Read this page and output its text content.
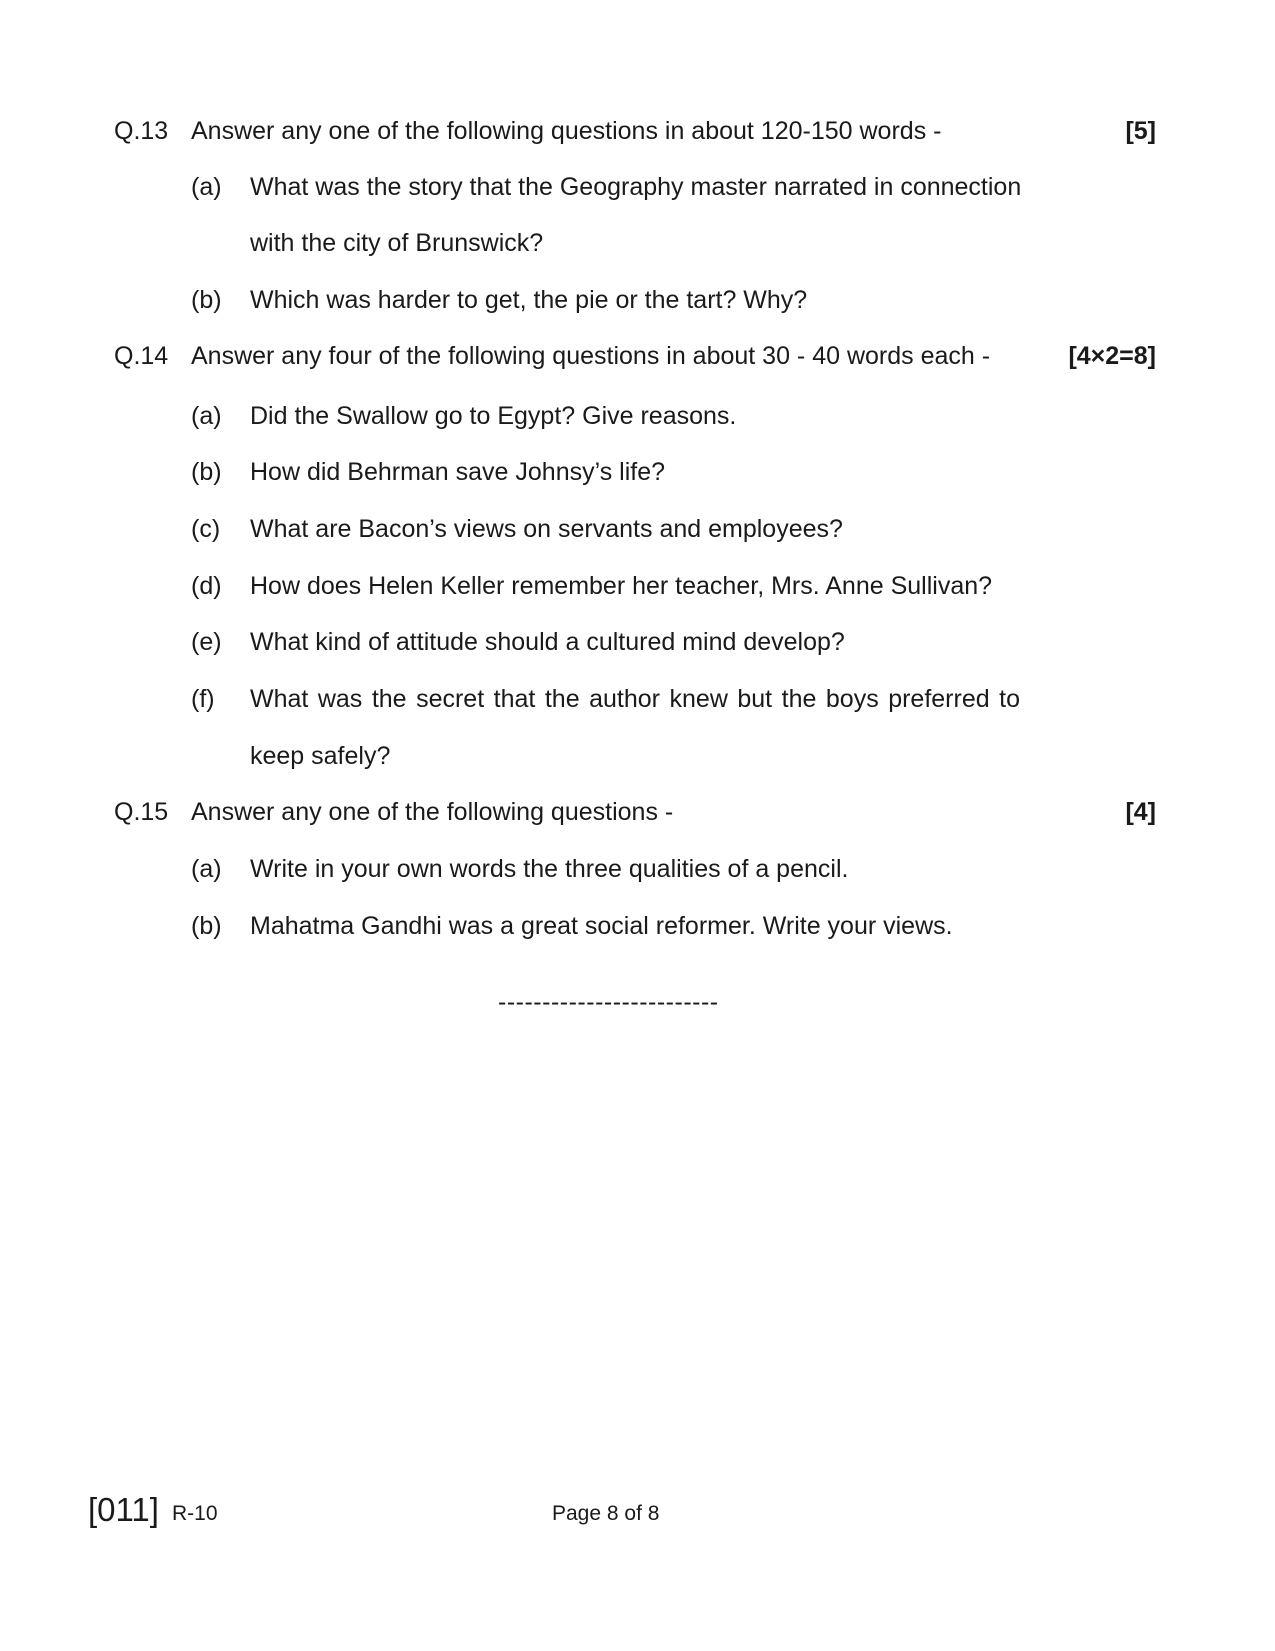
Q.13 Answer any one of the following questions in about 120-150 words -	[5]
(a) What was the story that the Geography master narrated in connection
with the city of Brunswick?
(b) Which was harder to get, the pie or the tart? Why?
Q.14 Answer any four of the following questions in about 30 - 40 words each -	[4×2=8]
(a) Did the Swallow go to Egypt? Give reasons.
(b) How did Behrman save Johnsy’s life?
(c) What are Bacon’s views on servants and employees?
(d) How does Helen Keller remember her teacher, Mrs. Anne Sullivan?
(e) What kind of attitude should a cultured mind develop?
(f) What was the secret that the author knew but the boys preferred to
keep safely?
Q.15 Answer any one of the following questions -	[4]
(a) Write in your own words the three qualities of a pencil.
(b) Mahatma Gandhi was a great social reformer. Write your views.
-------------------------
[011] R-10	Page 8 of 8
